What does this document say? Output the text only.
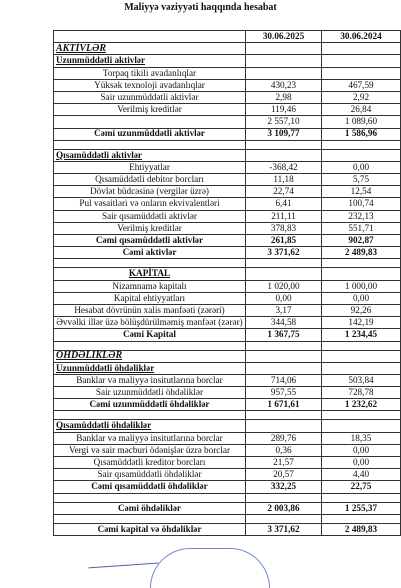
Maliyyə vəziyyəti haqqında hesabat
	30.06.2025	30.06.2024
AKTİVLƏR		
Uzunmüddətli aktivlər		
Torpaq tikili avadanlıqlar		
Yüksək texnoloji avadanlıqlar	430,23	467,59
Sair uzunmüddətli aktivlər	2,98	2,92
Verilmiş kreditlər	119,46	26,84
	2 557,10	1 089,60
Cəmi uzunmüddətli aktivlər	3 109,77	1 586,96

Qısamüddətli aktivlər		
Ehtiyyatlar	-368,42	0,00
Qısamüddətli debitor borcları	11,18	5,75
Dövlət büdcəsinə (vergilər üzrə)	22,74	12,54
Pul vəsaitləri və onların ekvivalentləri	6,41	100,74
Sair qısamüddətli aktivlər	211,11	232,13
Verilmiş kreditlər	378,83	551,71
Cəmi qısamüddətli aktivlər	261,85	902,87
Cəmi aktivlər	3 371,62	2 489,83

KAPİTAL		
Nizamnamə kapitalı	1 020,00	1 000,00
Kapital ehtiyyatları	0,00	0,00
Hesabat dövrünün xalis mənfəəti (zərəri)	3,17	92,26
Əvvəlki illər üzə bölüşdürülməmiş mənfəət (zərər)	344,58	142,19
Cəmi Kapital	1 367,75	1 234,45

ÖHDƏLİKLƏR		
Uzunmüddətli öhdəliklər		
Banklar və maliyyə insitutlarına borclar	714,06	503,84
Sair uzunmüddətli öhdəliklər	957,55	728,78
Cəmi uzunmüddətli öhdəliklər	1 671,61	1 232,62

Qısamüddətli öhdəliklər		
Banklar və maliyyə insitutlarına borclar	289,76	18,35
Vergi və sair məcburi ödənişlər üzrə borclar	0,36	0,00
Qısamüddətli kreditor borcları	21,57	0,00
Sair qısamüddətli öhdəliklər	20,57	4,40
Cəmi qısamüddətli öhdəliklər	332,25	22,75

Cəmi öhdəliklər	2 003,86	1 255,37

Cəmi kapital və öhdəliklər	3 371,62	2 489,83
